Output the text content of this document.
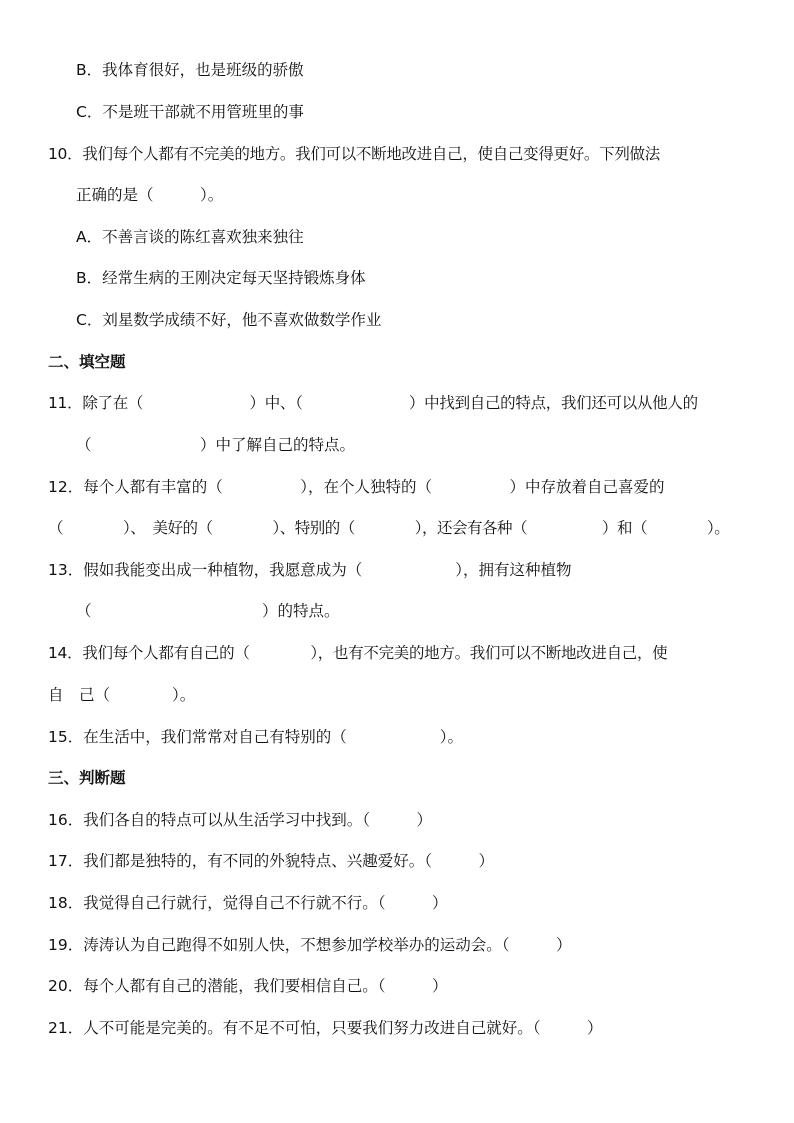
B．我体育很好，也是班级的骄傲
C．不是班干部就不用管班里的事
10．我们每个人都有不完美的地方。我们可以不断地改进自己，使自己变得更好。下列做法
正确的是（　　　）。
A．不善言谈的陈红喜欢独来独往
B．经常生病的王刚决定每天坚持锻炼身体
C．刘星数学成绩不好，他不喜欢做数学作业
二、填空题
11．除了在（　　　　　　　）中、（　　　　　　　）中找到自己的特点，我们还可以从他人的
（　　　　　　　）中了解自己的特点。
12．每个人都有丰富的（　　　　　），在个人独特的（　　　　　）中存放着自己喜爱的
（　　　　）、　美好的（　　　　）、特别的（　　　　），还会有各种（　　　　　）和（　　　　）。
13．假如我能变出成一种植物，我愿意成为（　　　　　　），拥有这种植物
（　　　　　　　　　　　）的特点。
14．我们每个人都有自己的（　　　　），也有不完美的地方。我们可以不断地改进自己，使
自　己（　　　　）。
15．在生活中，我们常常对自己有特别的（　　　　　　）。
三、判断题
16．我们各自的特点可以从生活学习中找到。（　　　）
17．我们都是独特的，有不同的外貌特点、兴趣爱好。（　　　）
18．我觉得自己行就行，觉得自己不行就不行。（　　　）
19．涛涛认为自己跑得不如别人快，不想参加学校举办的运动会。（　　　）
20．每个人都有自己的潜能，我们要相信自己。（　　　）
21．人不可能是完美的。有不足不可怕，只要我们努力改进自己就好。（　　　）
